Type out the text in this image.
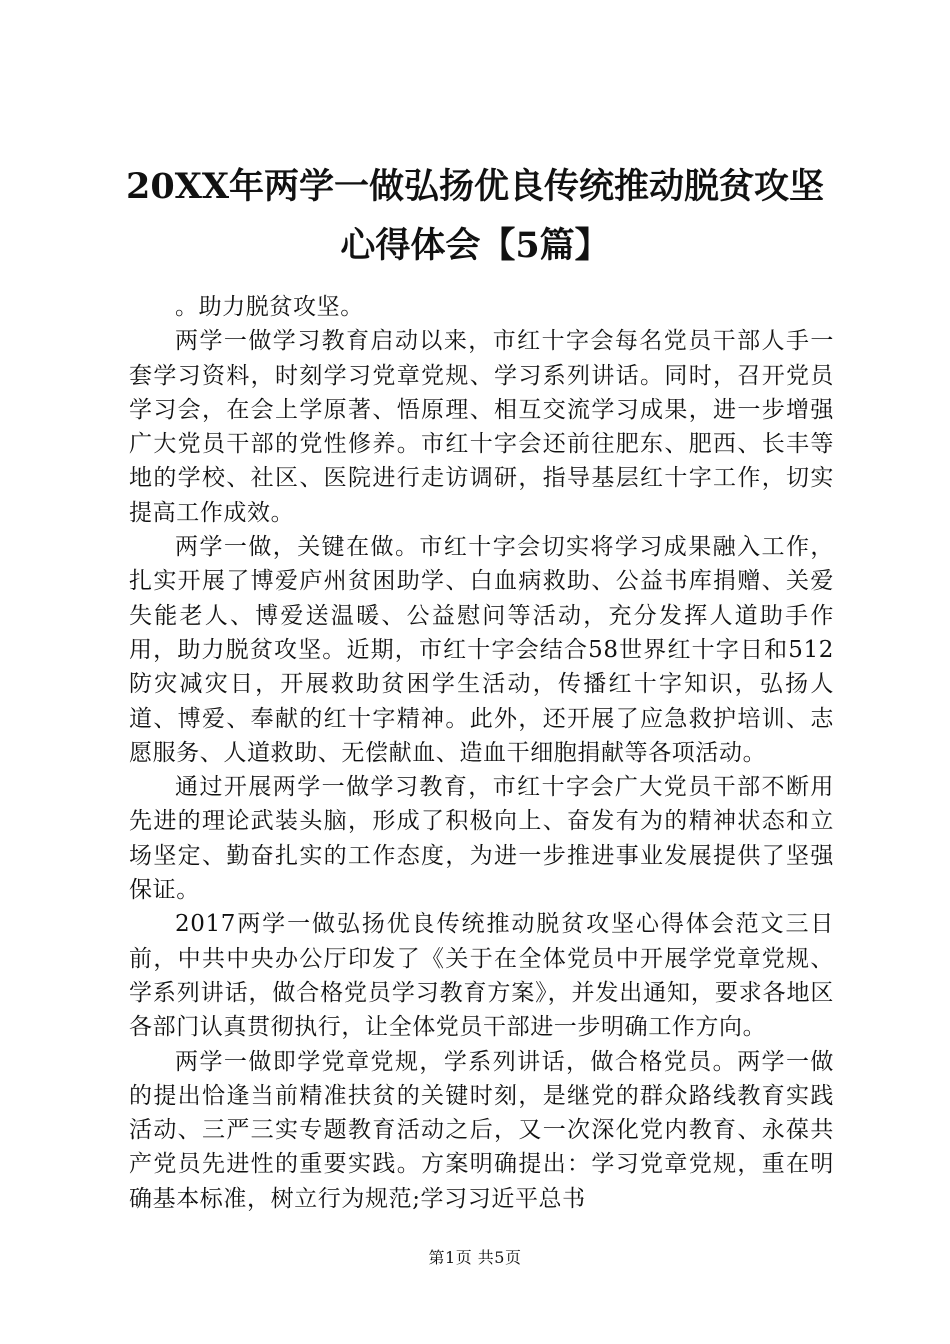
20XX年两学一做弘扬优良传统推动脱贫攻坚
心得体会【5篇】

。助力脱贫攻坚。

两学一做学习教育启动以来，市红十字会每名党员干部人手一套学习资料，时刻学习党章党规、学习系列讲话。同时，召开党员学习会，在会上学原著、悟原理、相互交流学习成果，进一步增强广大党员干部的党性修养。市红十字会还前往肥东、肥西、长丰等地的学校、社区、医院进行走访调研，指导基层红十字工作，切实提高工作成效。

两学一做，关键在做。市红十字会切实将学习成果融入工作，扎实开展了博爱庐州贫困助学、白血病救助、公益书库捐赠、关爱失能老人、博爱送温暖、公益慰问等活动，充分发挥人道助手作用，助力脱贫攻坚。近期，市红十字会结合58世界红十字日和512防灾减灾日，开展救助贫困学生活动，传播红十字知识，弘扬人道、博爱、奉献的红十字精神。此外，还开展了应急救护培训、志愿服务、人道救助、无偿献血、造血干细胞捐献等各项活动。

通过开展两学一做学习教育，市红十字会广大党员干部不断用先进的理论武装头脑，形成了积极向上、奋发有为的精神状态和立场坚定、勤奋扎实的工作态度，为进一步推进事业发展提供了坚强保证。

2017两学一做弘扬优良传统推动脱贫攻坚心得体会范文三日前，中共中央办公厅印发了《关于在全体党员中开展学党章党规、学系列讲话，做合格党员学习教育方案》，并发出通知，要求各地区各部门认真贯彻执行，让全体党员干部进一步明确工作方向。

两学一做即学党章党规，学系列讲话，做合格党员。两学一做的提出恰逢当前精准扶贫的关键时刻，是继党的群众路线教育实践活动、三严三实专题教育活动之后，又一次深化党内教育、永葆共产党员先进性的重要实践。方案明确提出：学习党章党规，重在明确基本标准，树立行为规范;学习习近平总书

第1页 共5页
